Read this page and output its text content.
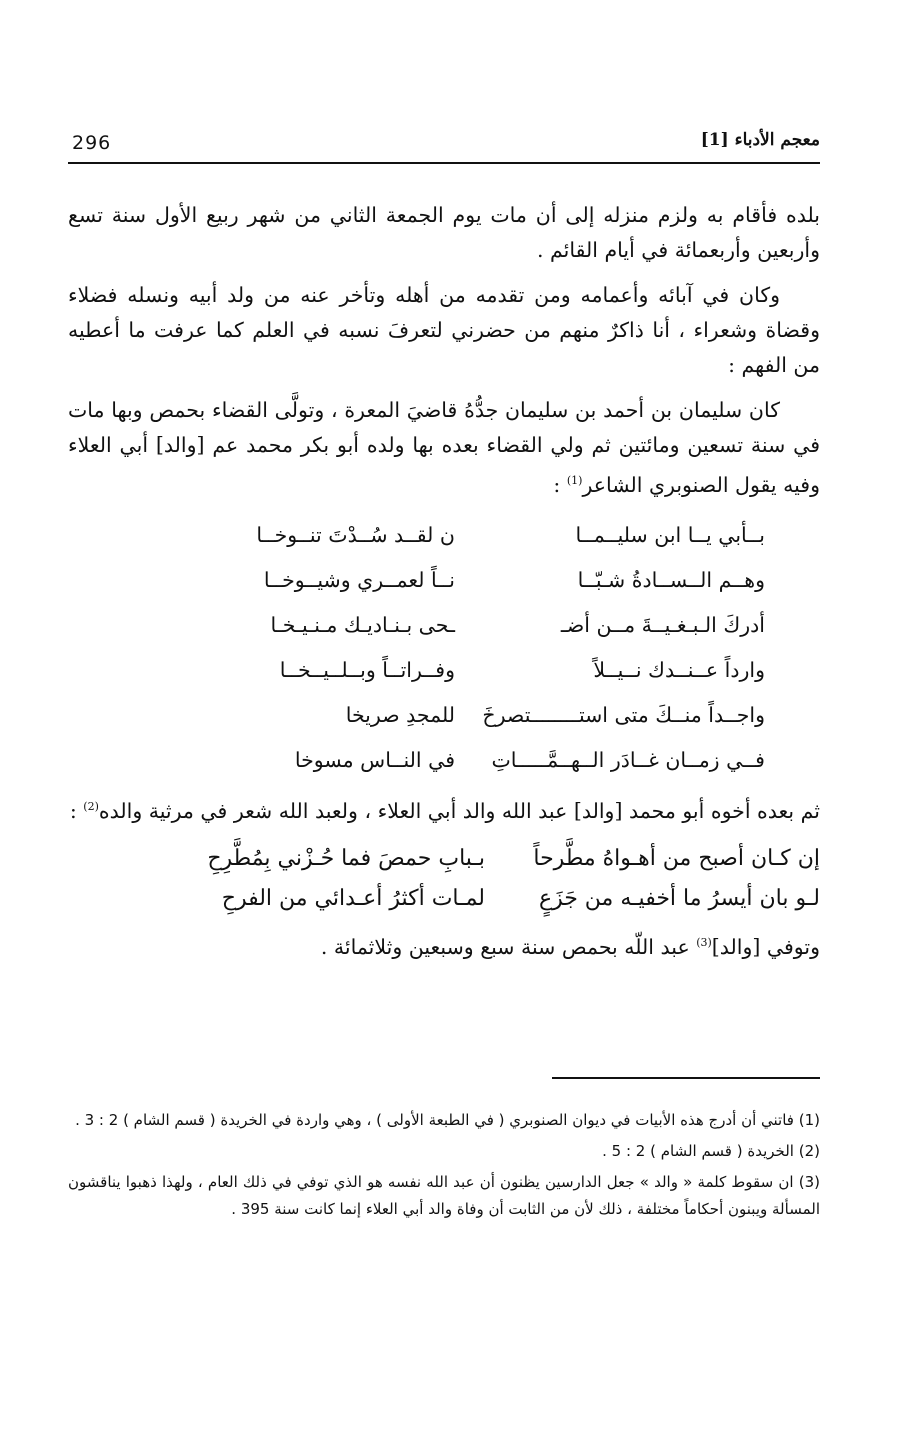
296	معجم الأدباء [1]

بلده فأقام به ولزم منزله إلى أن مات يوم الجمعة الثاني من شهر ربيع الأول سنة تسع وأربعين وأربعمائة في أيام القائم .

وكان في آبائه وأعمامه ومن تقدمه من أهله وتأخر عنه من ولد أبيه ونسله فضلاء وقضاة وشعراء ، أنا ذاكرٌ منهم من حضرني لتعرفَ نسبه في العلم كما عرفت ما أعطيه من الفهم :

كان سليمان بن أحمد بن سليمان جدُّهُ قاضيَ المعرة ، وتولَّى القضاء بحمص وبها مات في سنة تسعين ومائتين ثم ولي القضاء بعده بها ولده أبو بكر محمد عم [والد] أبي العلاء وفيه يقول الصنوبري الشاعر$^{(1)}$ :

بــأبي يــا ابن سليــمــا
ن لقــد سُــدْتَ تنــوخــا
وهــم الــســادةُ شـبّــا
نــاً لعمــري وشيــوخــا
أدركَ الـبـغـيــةَ مــن أضـ
ـحى بـنـاديـك مـنـيـخـا
وارداً عــنــدك نــيــلاً
وفــراتــاً وبــلــيــخــا
واجــداً منــكَ متى استــــــــتصرخَ
للمجدِ صريخا
فــي زمــان غــادَر الــهــمَّـــــاتِ
في النــاس مسوخا

ثم بعده أخوه أبو محمد [والد] عبد الله والد أبي العلاء ، ولعبد الله شعر في مرثية والده$^{(2)}$ :

إن كـان أصبح من أهـواهُ مطَّرحاً
بـبابِ حمصَ فما حُـزْني بِمُطَّرِحِ
لـو بان أيسرُ ما أخفيـه من جَزَعٍ
لمـات أكثرُ أعـدائي من الفرحِ

وتوفي [والد]$^{(3)}$ عبد اللّه بحمص سنة سبع وسبعين وثلاثمائة .

(1) فاتني أن أدرج هذه الأبيات في ديوان الصنوبري ( في الطبعة الأولى ) ، وهي واردة في الخريدة ( قسم الشام ) 2 : 3 .

(2) الخريدة ( قسم الشام ) 2 : 5 .

(3) ان سقوط كلمة « والد » جعل الدارسين يظنون أن عبد الله نفسه هو الذي توفي في ذلك العام ، ولهذا ذهبوا يناقشون المسألة ويبنون أحكاماً مختلفة ، ذلك لأن من الثابت أن وفاة والد أبي العلاء إنما كانت سنة 395 .
